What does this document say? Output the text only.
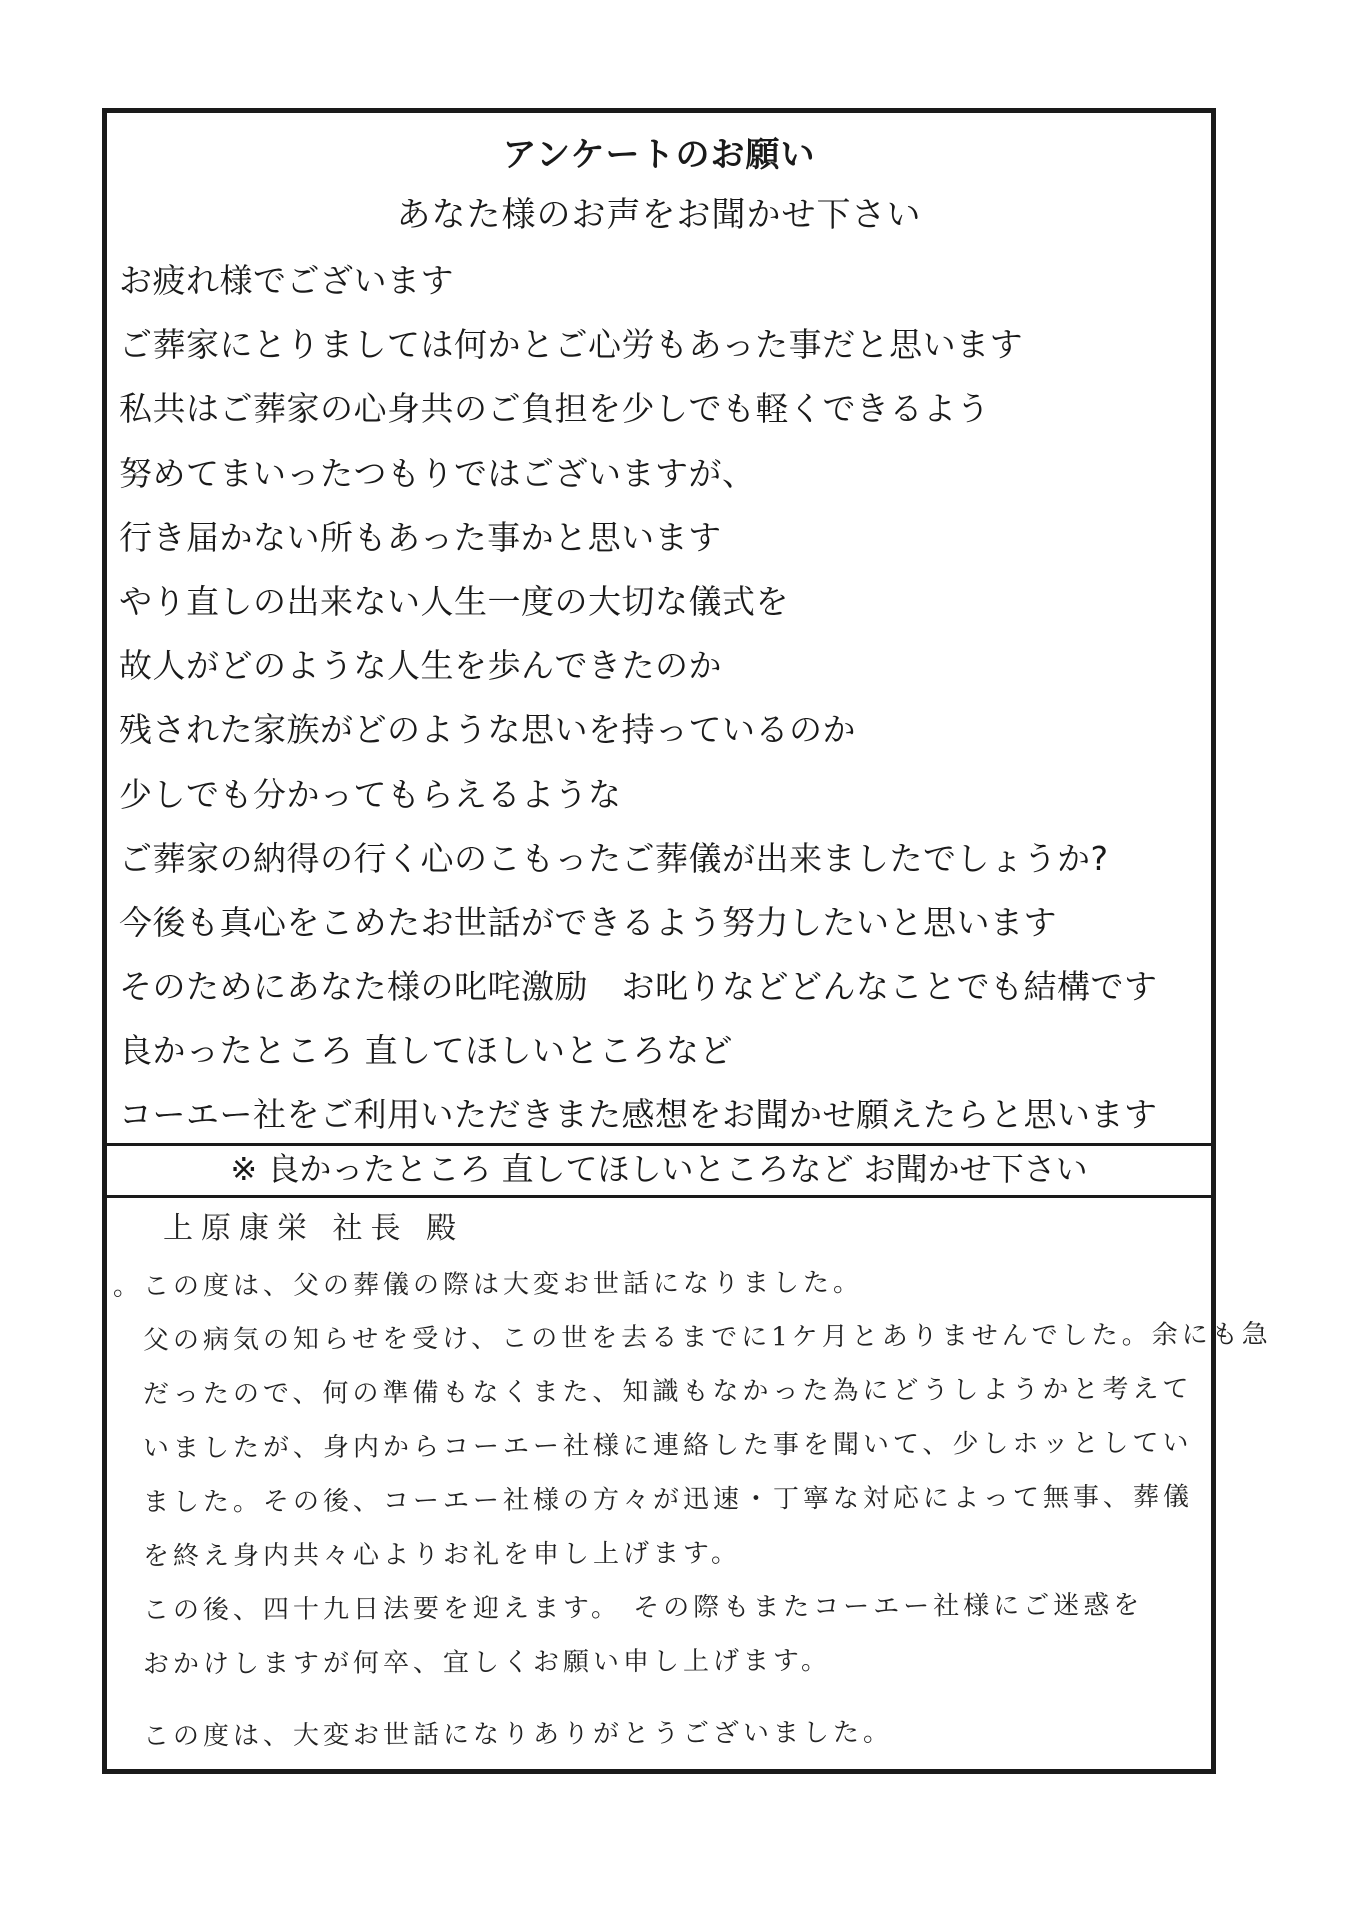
アンケートのお願い
あなた様のお声をお聞かせ下さい
お疲れ様でございます
ご葬家にとりましては何かとご心労もあった事だと思います
私共はご葬家の心身共のご負担を少しでも軽くできるよう
努めてまいったつもりではございますが、
行き届かない所もあった事かと思います
やり直しの出来ない人生一度の大切な儀式を
故人がどのような人生を歩んできたのか
残された家族がどのような思いを持っているのか
少しでも分かってもらえるような
ご葬家の納得の行く心のこもったご葬儀が出来ましたでしょうか?
今後も真心をこめたお世話ができるよう努力したいと思います
そのためにあなた様の叱咤激励　お叱りなどどんなことでも結構です
良かったところ 直してほしいところなど
コーエー社をご利用いただきまた感想をお聞かせ願えたらと思います
※ 良かったところ 直してほしいところなど お聞かせ下さい
上原康栄 社長 殿
。この度は、父の葬儀の際は大変お世話になりました。
父の病気の知らせを受け、この世を去るまでに1ケ月とありませんでした。余にも急
だったので、何の準備もなくまた、知識もなかった為にどうしようかと考えて
いましたが、身内からコーエー社様に連絡した事を聞いて、少しホッとしてい
ました。その後、コーエー社様の方々が迅速・丁寧な対応によって無事、葬儀
を終え身内共々心よりお礼を申し上げます。
この後、四十九日法要を迎えます。 その際もまたコーエー社様にご迷惑を
おかけしますが何卒、宜しくお願い申し上げます。
この度は、大変お世話になりありがとうございました。
